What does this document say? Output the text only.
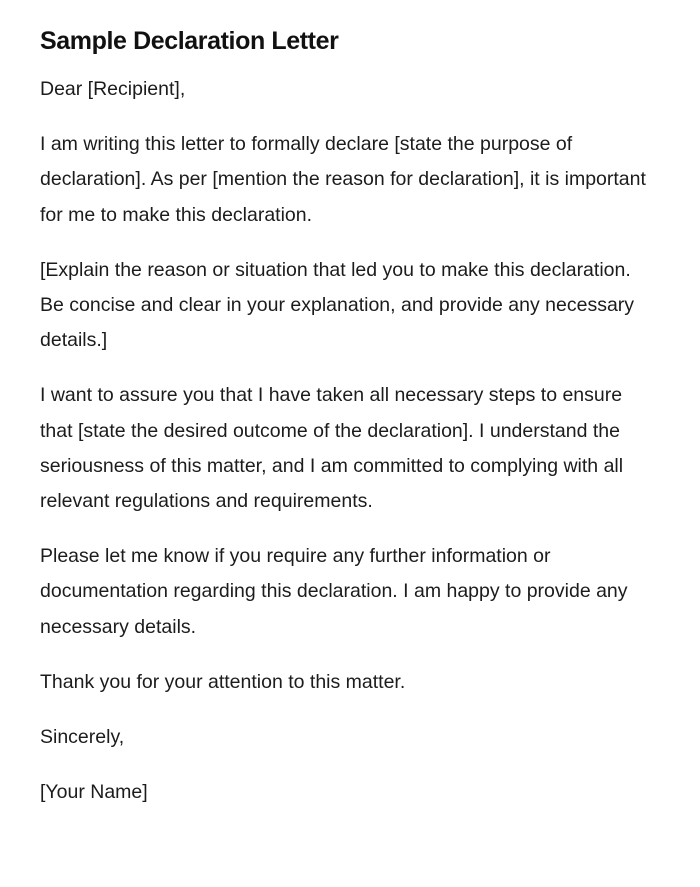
Sample Declaration Letter

Dear [Recipient],

I am writing this letter to formally declare [state the purpose of declaration]. As per [mention the reason for declaration], it is important for me to make this declaration.

[Explain the reason or situation that led you to make this declaration. Be concise and clear in your explanation, and provide any necessary details.]

I want to assure you that I have taken all necessary steps to ensure that [state the desired outcome of the declaration]. I understand the seriousness of this matter, and I am committed to complying with all relevant regulations and requirements.

Please let me know if you require any further information or documentation regarding this declaration. I am happy to provide any necessary details.

Thank you for your attention to this matter.

Sincerely,

[Your Name]
